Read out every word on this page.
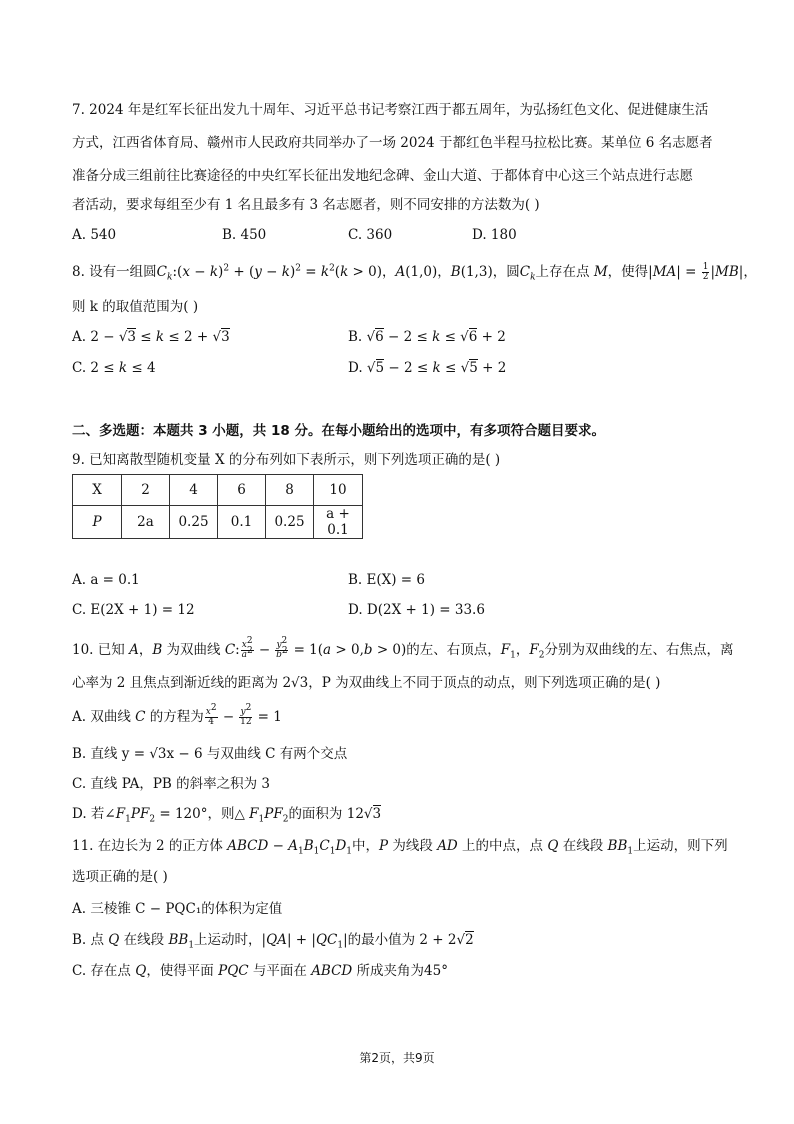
7. 2024 年是红军长征出发九十周年、习近平总书记考察江西于都五周年，为弘扬红色文化、促进健康生活
方式，江西省体育局、赣州市人民政府共同举办了一场 2024 于都红色半程马拉松比赛。某单位 6 名志愿者
准备分成三组前往比赛途径的中央红军长征出发地纪念碑、金山大道、于都体育中心这三个站点进行志愿
者活动，要求每组至少有 1 名且最多有 3 名志愿者，则不同安排的方法数为( )
A. 540	B. 450	C. 360	D. 180
8. 设有一组圆$C_k:(x - k)^2 + (y - k)^2 = k^2(k > 0)$，A(1,0)，B(1,3)，圆$C_k$上存在点 M，使得$|MA| = \frac{1}{2} |MB|$，
则 k 的取值范围为( )
A. 2 − √3 ≤ k ≤ 2 + √3	B. √6 − 2 ≤ k ≤ √6 + 2
C. 2 ≤ k ≤ 4	D. √5 − 2 ≤ k ≤ √5 + 2
二、多选题：本题共 3 小题，共 18 分。在每小题给出的选项中，有多项符合题目要求。
9. 已知离散型随机变量 X 的分布列如下表所示，则下列选项正确的是( )
X	2	4	6	8	10
P	2a	0.25	0.1	0.25	a + 0.1
A. a = 0.1	B. E(X) = 6
C. E(2X + 1) = 12	D. D(2X + 1) = 33.6
10. 已知 A，B 为双曲线 C: $\frac{x^2}{a^2} - \frac{y^2}{b^2} = 1(a > 0,b > 0)$的左、右顶点，$F_1$，$F_2$分别为双曲线的左、右焦点，离
心率为 2 且焦点到渐近线的距离为 2√3，P 为双曲线上不同于顶点的动点，则下列选项正确的是( )
A. 双曲线 C 的方程为 $\frac{x^2}{4} - \frac{y^2}{12} = 1$
B. 直线 y = √3x − 6 与双曲线 C 有两个交点
C. 直线 PA，PB 的斜率之积为 3
D. 若$\angle F_1PF_2 = 120^\circ$，则△ $F_1PF_2$的面积为 12√3
11. 在边长为 2 的正方体 ABCD − $A_1B_1C_1D_1$中，P 为线段 AD 上的中点，点 Q 在线段 $BB_1$上运动，则下列
选项正确的是( )
A. 三棱锥 C − PQC₁的体积为定值
B. 点 Q 在线段 $BB_1$上运动时，$|QA| + |QC_1|$的最小值为 2 + 2√2
C. 存在点 Q，使得平面 PQC 与平面在 ABCD 所成夹角为45°
第2页，共9页
